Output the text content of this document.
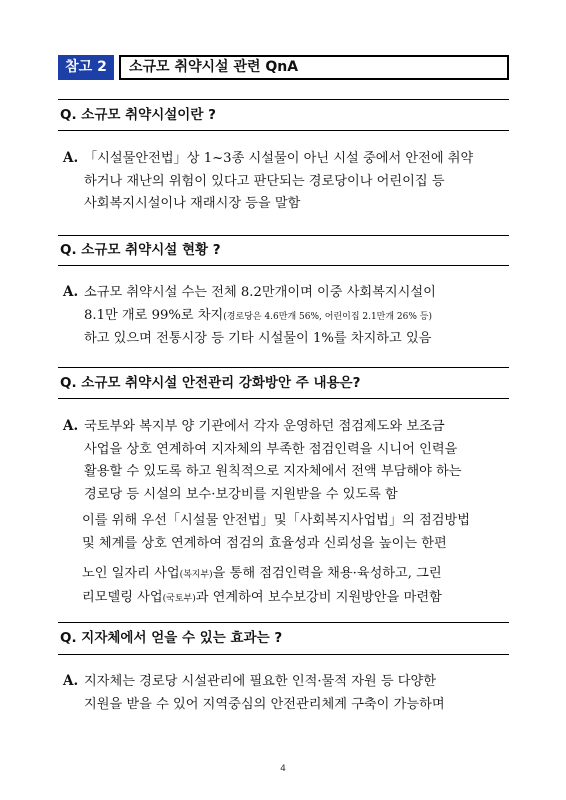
참고 2	소규모 취약시설 관련 QnA
Q. 소규모 취약시설이란 ?
A. 「시설물안전법」상 1~3종 시설물이 아닌 시설 중에서 안전에 취약
하거나 재난의 위험이 있다고 판단되는 경로당이나 어린이집 등
사회복지시설이나 재래시장 등을 말함
Q. 소규모 취약시설 현황 ?
A. 소규모 취약시설 수는 전체 8.2만개이며 이중 사회복지시설이
8.1만 개로 99%로 차지(경로당은 4.6만개 56%, 어린이집 2.1만개 26% 등)
하고 있으며 전통시장 등 기타 시설물이 1%를 차지하고 있음
Q. 소규모 취약시설 안전관리 강화방안 주 내용은?
A. 국토부와 복지부 양 기관에서 각자 운영하던 점검제도와 보조금
사업을 상호 연계하여 지자체의 부족한 점검인력을 시니어 인력을
활용할 수 있도록 하고 원칙적으로 지자체에서 전액 부담해야 하는
경로당 등 시설의 보수·보강비를 지원받을 수 있도록 함
이를 위해 우선「시설물 안전법」및「사회복지사업법」의 점검방법
및 체계를 상호 연계하여 점검의 효율성과 신뢰성을 높이는 한편
노인 일자리 사업(복지부)을 통해 점검인력을 채용·육성하고, 그린
리모델링 사업(국토부)과 연계하여 보수보강비 지원방안을 마련함
Q. 지자체에서 얻을 수 있는 효과는 ?
A. 지자체는 경로당 시설관리에 필요한 인적·물적 자원 등 다양한
지원을 받을 수 있어 지역중심의 안전관리체계 구축이 가능하며
4
